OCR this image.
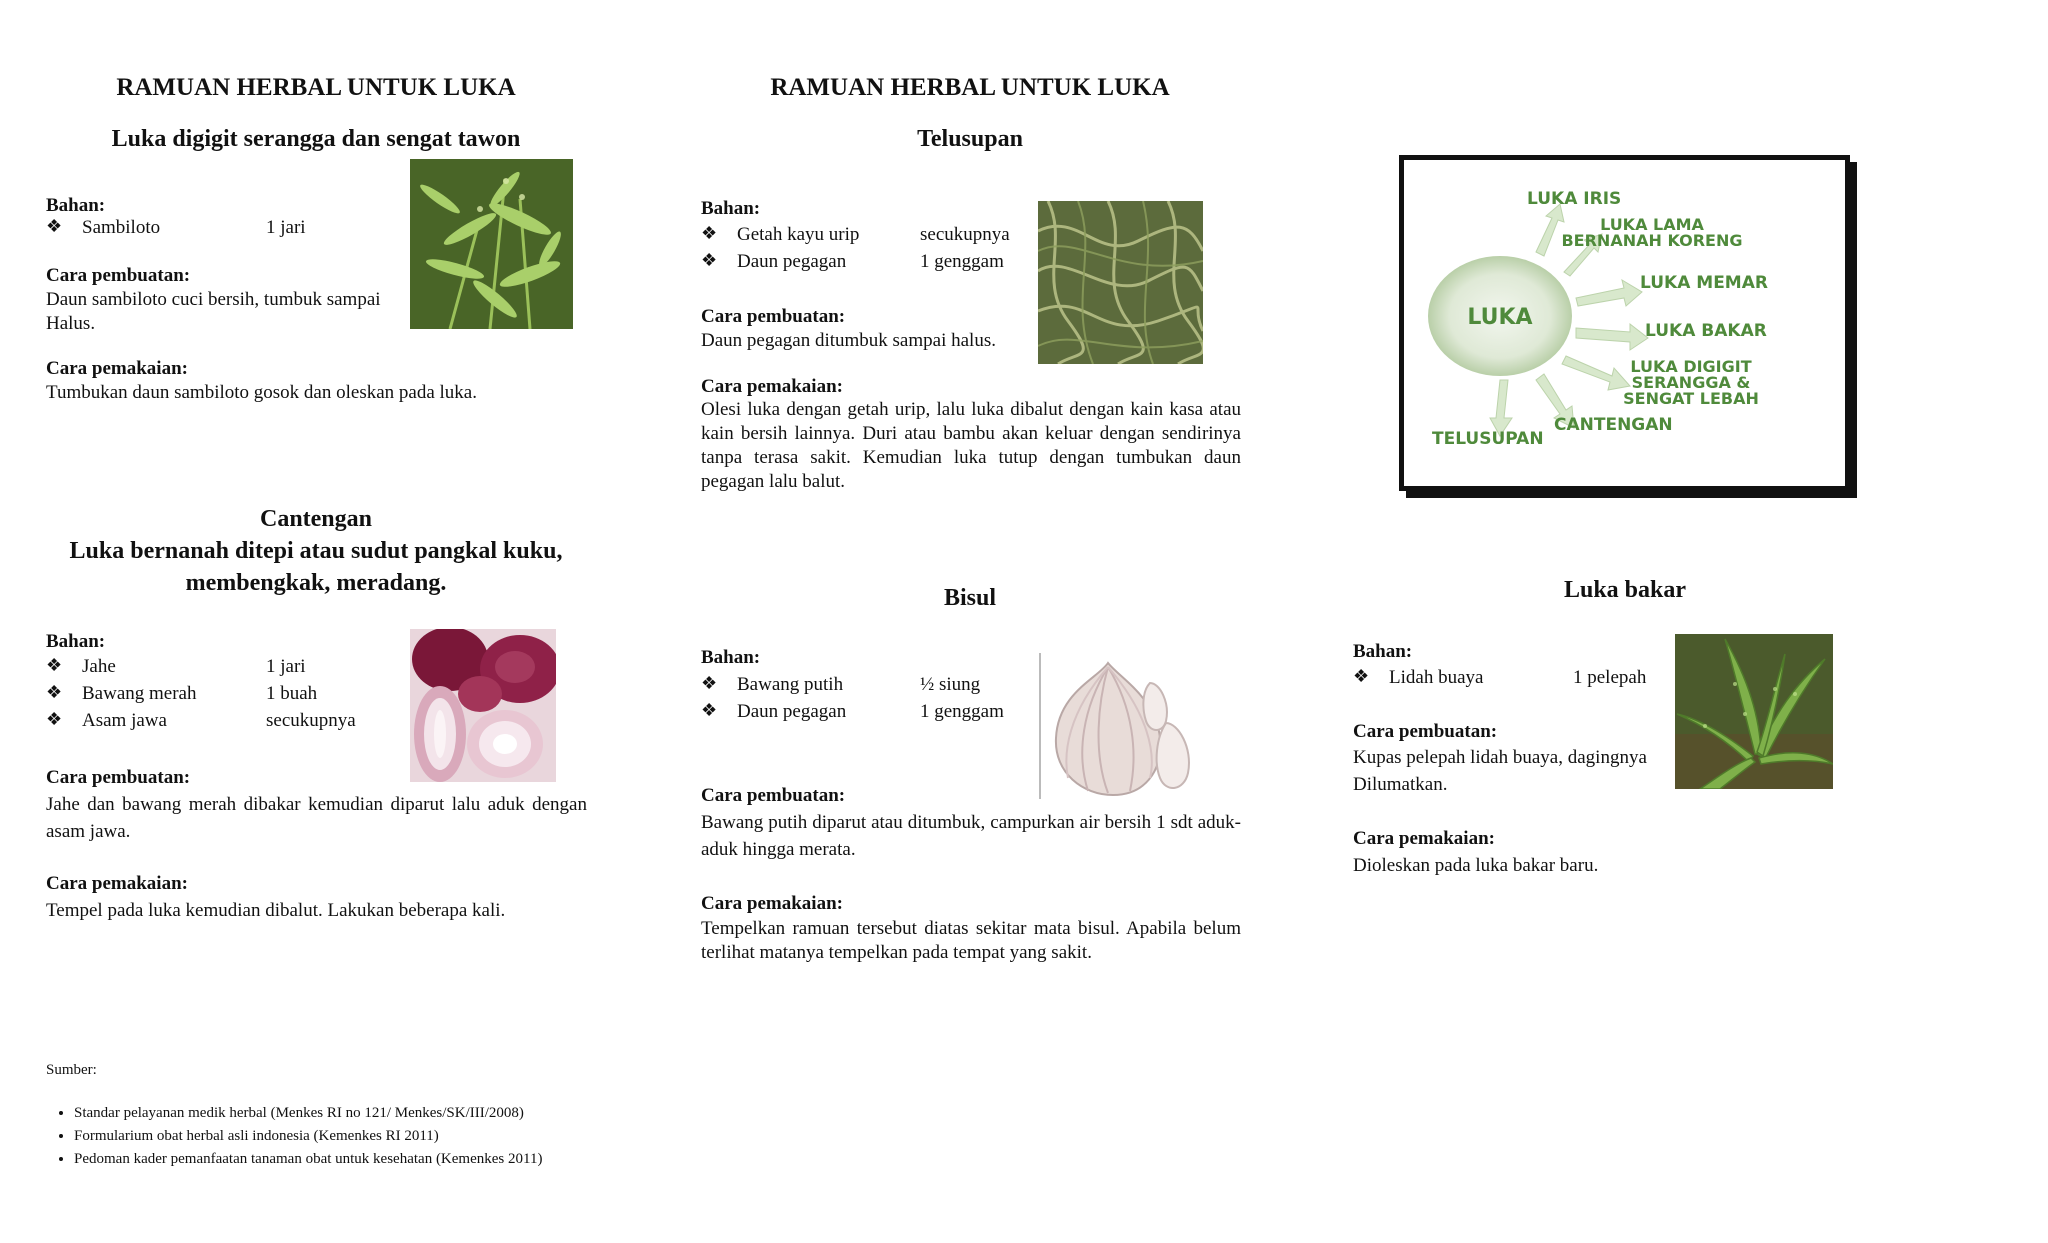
RAMUAN HERBAL UNTUK LUKA
Luka digigit serangga dan sengat tawon
Bahan:
❖ Sambiloto	1 jari
Cara pembuatan:
Daun sambiloto cuci bersih, tumbuk sampai
Halus.
Cara pemakaian:
Tumbukan daun sambiloto gosok dan oleskan pada luka.
Cantengan
Luka bernanah ditepi atau sudut pangkal kuku,
membengkak, meradang.
Bahan:
❖ Jahe	1 jari
❖ Bawang merah	1 buah
❖ Asam jawa	secukupnya
Cara pembuatan:
Jahe dan bawang merah dibakar kemudian diparut lalu aduk dengan asam jawa.
Cara pemakaian:
Tempel pada luka kemudian dibalut. Lakukan beberapa kali.
Sumber:
• Standar pelayanan medik herbal (Menkes RI no 121/ Menkes/SK/III/2008)
• Formularium obat herbal asli indonesia (Kemenkes RI 2011)
• Pedoman kader pemanfaatan tanaman obat untuk kesehatan (Kemenkes 2011)
RAMUAN HERBAL UNTUK LUKA
Telusupan
Bahan:
❖ Getah kayu urip	secukupnya
❖ Daun pegagan	1 genggam
Cara pembuatan:
Daun pegagan ditumbuk sampai halus.
Cara pemakaian:
Olesi luka dengan getah urip, lalu luka dibalut dengan kain kasa atau kain bersih lainnya. Duri atau bambu akan keluar dengan sendirinya tanpa terasa sakit. Kemudian luka tutup dengan tumbukan daun pegagan lalu balut.
Bisul
Bahan:
❖ Bawang putih	½ siung
❖ Daun pegagan	1 genggam
Cara pembuatan:
Bawang putih diparut atau ditumbuk, campurkan air bersih 1 sdt aduk-aduk hingga merata.
Cara pemakaian:
Tempelkan ramuan tersebut diatas sekitar mata bisul. Apabila belum terlihat matanya tempelkan pada tempat yang sakit.
LUKA
LUKA IRIS
LUKA LAMA
BERNANAH KORENG
LUKA MEMAR
LUKA BAKAR
LUKA DIGIGIT
SERANGGA &
SENGAT LEBAH
CANTENGAN
TELUSUPAN
Luka bakar
Bahan:
❖ Lidah buaya	1 pelepah
Cara pembuatan:
Kupas pelepah lidah buaya, dagingnya
Dilumatkan.
Cara pemakaian:
Dioleskan pada luka bakar baru.
